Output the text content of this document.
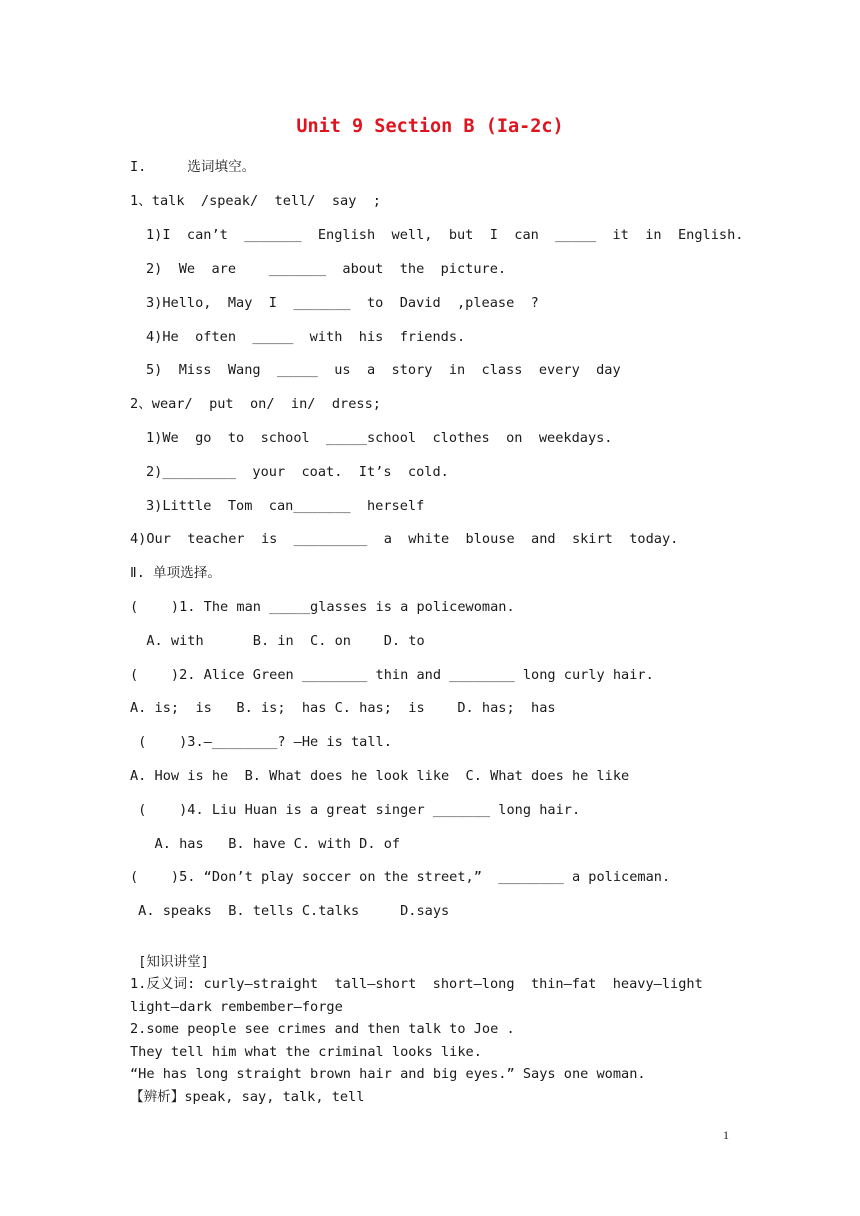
Unit 9 Section B (Ia-2c)
I.     选词填空。
1、talk  /speak/  tell/  say  ;
1)I  can’t  _______  English  well,  but  I  can  _____  it  in  English.
2)  We  are    _______  about  the  picture.
3)Hello,  May  I  _______  to  David  ,please  ?
4)He  often  _____  with  his  friends.
5)  Miss  Wang  _____  us  a  story  in  class  every  day
2、wear/  put  on/  in/  dress;
1)We  go  to  school  _____school  clothes  on  weekdays.
2)_________  your  coat.  It’s  cold.
3)Little  Tom  can_______  herself
4)Our  teacher  is  _________  a  white  blouse  and  skirt  today.
Ⅱ. 单项选择。
(    )1. The man _____glasses is a policewoman.
A. with      B. in  C. on    D. to
(    )2. Alice Green ________ thin and ________ long curly hair.
A. is;  is   B. is;  has C. has;  is    D. has;  has
(    )3.—________? —He is tall.
A. How is he  B. What does he look like  C. What does he like
(    )4. Liu Huan is a great singer _______ long hair.
A. has   B. have C. with D. of
(    )5. “Don’t play soccer on the street,”  ________ a policeman.
A. speaks  B. tells C.talks     D.says
[知识讲堂]
1.反义词: curly—straight  tall—short  short—long  thin—fat  heavy—light
light—dark rembember—forge
2.some people see crimes and then talk to Joe .
They tell him what the criminal looks like.
“He has long straight brown hair and big eyes.” Says one woman.
【辨析】speak, say, talk, tell
1
